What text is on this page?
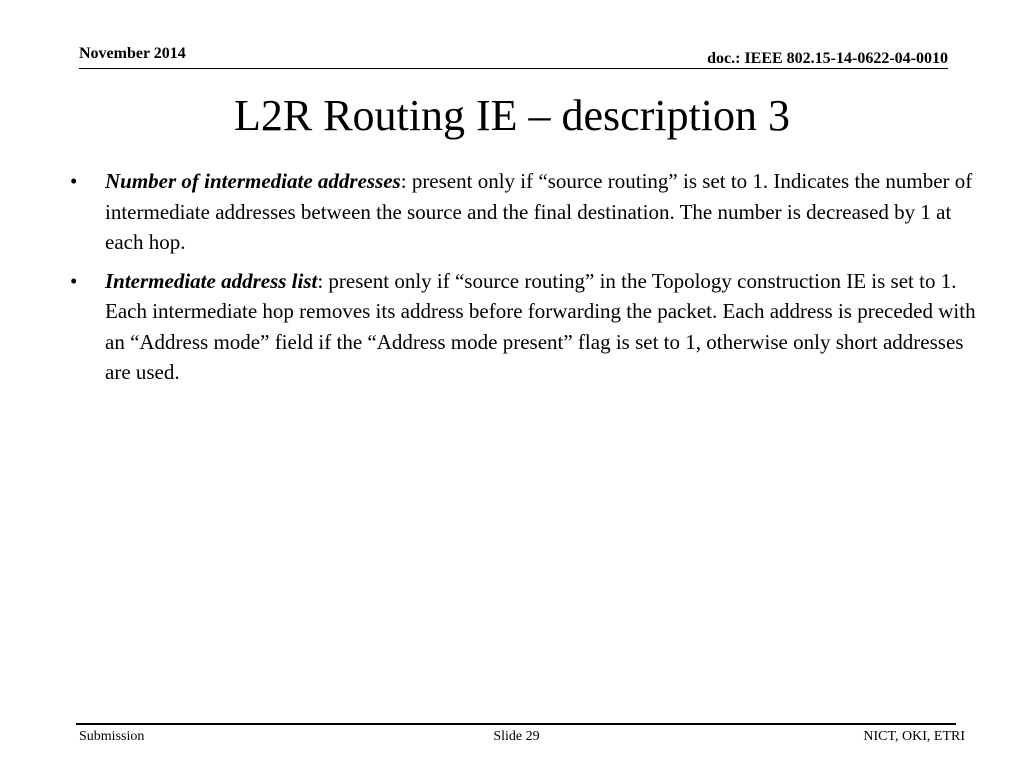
November 2014	doc.: IEEE 802.15-14-0622-04-0010
L2R Routing IE – description 3
• Number of intermediate addresses: present only if “source routing” is set to 1. Indicates the number of intermediate addresses between the source and the final destination. The number is decreased by 1 at each hop.
• Intermediate address list: present only if “source routing” in the Topology construction IE is set to 1. Each intermediate hop removes its address before forwarding the packet. Each address is preceded with an “Address mode” field if the “Address mode present” flag is set to 1, otherwise only short addresses are used.
Submission	Slide 29	NICT, OKI, ETRI
